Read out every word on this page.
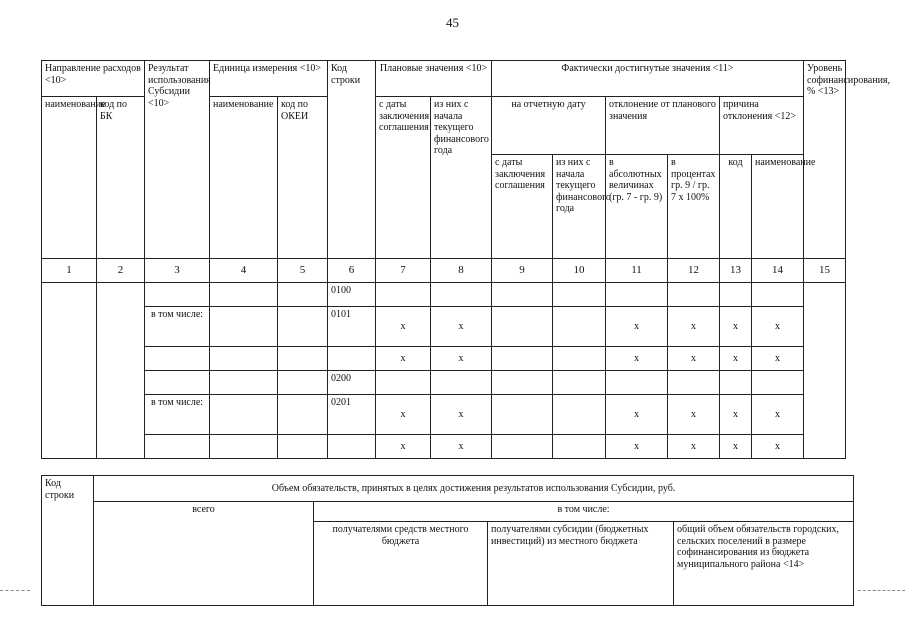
45
Направление расходов <10>		Результат использования Субсидии <10>	Единица измерения <10>		Код строки	Плановые значения <10>		Фактически достигнутые значения <11>						Уровень софинансирования, % <13>
наименование	код по БК		наименование	код по ОКЕИ		с даты заключения соглашения	из них с начала текущего финансового года	на отчетную дату		отклонение от планового значения		причина отклонения <12>		
								с даты заключения соглашения	из них с начала текущего финансового года	в абсолютных величинах (гр. 7 - гр. 9)	в процентах гр. 9 / гр. 7 х 100%	код	наименование	
1	2	3	4	5	6	7	8	9	10	11	12	13	14	15
					0100									
		в том числе:			0101	x	x			x	x	x	x	
						x	x			x	x	x	x	
					0200									
		в том числе:			0201	x	x			x	x	x	x	
						x	x			x	x	x	x	
Код строки	Объем обязательств, принятых в целях достижения результатов использования Субсидии, руб.			
	всего	в том числе:		
		получателями средств местного бюджета	получателями субсидии (бюджетных инвестиций) из местного бюджета	общий объем обязательств городских, сельских поселений в размере софинансирования из бюджета муниципального района <14>
